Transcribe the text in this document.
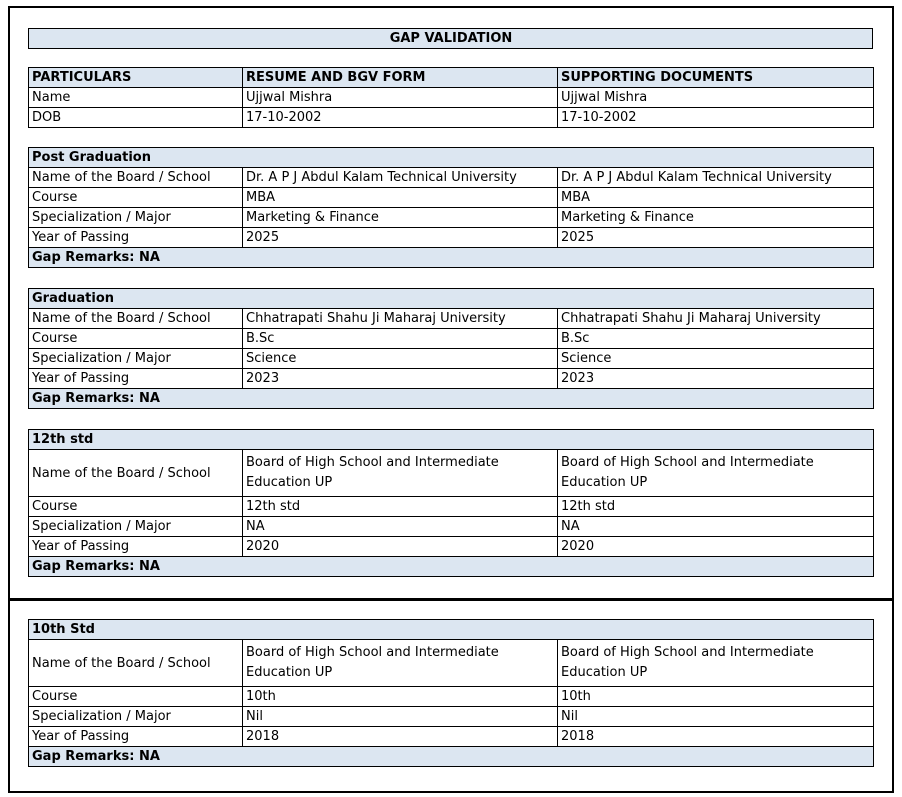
GAP VALIDATION
PARTICULARS	RESUME AND BGV FORM	SUPPORTING DOCUMENTS
Name	Ujjwal Mishra	Ujjwal Mishra
DOB	17-10-2002	17-10-2002
Post Graduation		
Name of the Board / School	Dr. A P J Abdul Kalam Technical University	Dr. A P J Abdul Kalam Technical University
Course	MBA	MBA
Specialization / Major	Marketing & Finance	Marketing & Finance
Year of Passing	2025	2025
Gap Remarks: NA		
Graduation		
Name of the Board / School	Chhatrapati Shahu Ji Maharaj University	Chhatrapati Shahu Ji Maharaj University
Course	B.Sc	B.Sc
Specialization / Major	Science	Science
Year of Passing	2023	2023
Gap Remarks: NA		
12th std		
Name of the Board / School	Board of High School and Intermediate Education UP	Board of High School and Intermediate Education UP
Course	12th std	12th std
Specialization / Major	NA	NA
Year of Passing	2020	2020
Gap Remarks: NA		
10th Std		
Name of the Board / School	Board of High School and Intermediate Education UP	Board of High School and Intermediate Education UP
Course	10th	10th
Specialization / Major	Nil	Nil
Year of Passing	2018	2018
Gap Remarks: NA		
